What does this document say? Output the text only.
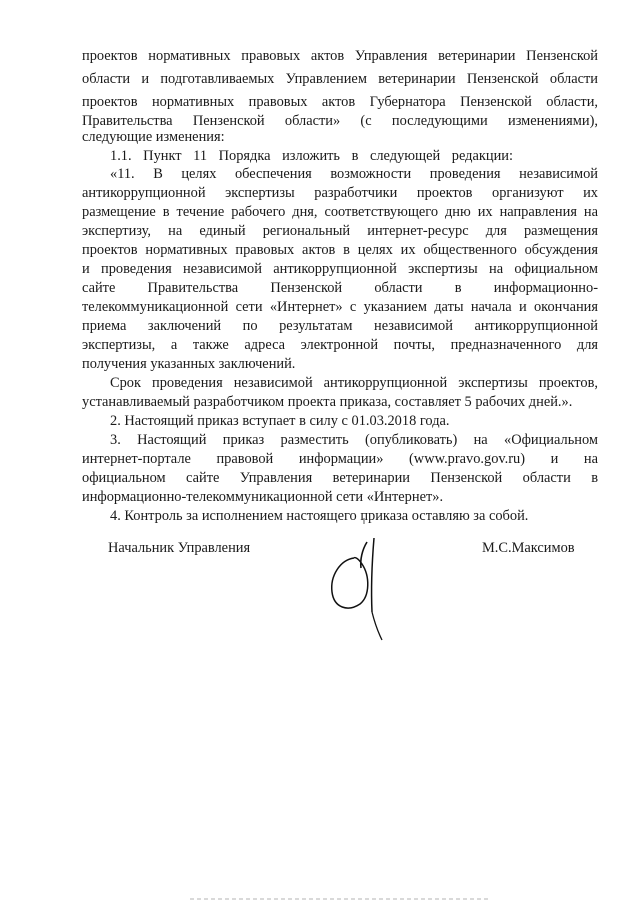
проектов нормативных правовых актов Управления ветеринарии Пензенской
области и подготавливаемых Управлением ветеринарии Пензенской области
проектов нормативных правовых актов Губернатора Пензенской области,
Правительства Пензенской области» (с последующими изменениями),
следующие изменения:
1.1. Пункт 11 Порядка изложить в следующей редакции:
«11. В целях обеспечения возможности проведения независимой
антикоррупционной экспертизы разработчики проектов организуют их
размещение в течение рабочего дня, соответствующего дню их направления на
экспертизу, на единый региональный интернет-ресурс для размещения
проектов нормативных правовых актов в целях их общественного обсуждения
и проведения независимой антикоррупционной экспертизы на официальном
сайте Правительства Пензенской области в информационно-
телекоммуникационной сети «Интернет» с указанием даты начала и окончания
приема заключений по результатам независимой антикоррупционной
экспертизы, а также адреса электронной почты, предназначенного для
получения указанных заключений.
Срок проведения независимой антикоррупционной экспертизы проектов,
устанавливаемый разработчиком проекта приказа, составляет 5 рабочих дней.».
2. Настоящий приказ вступает в силу с 01.03.2018 года.
3. Настоящий приказ разместить (опубликовать) на «Официальном
интернет-портале правовой информации» (www.pravo.gov.ru) и на
официальном сайте Управления ветеринарии Пензенской области в
информационно-телекоммуникационной сети «Интернет».
4. Контроль за исполнением настоящего приказа оставляю за собой.
Начальник Управления	М.С.Максимов
